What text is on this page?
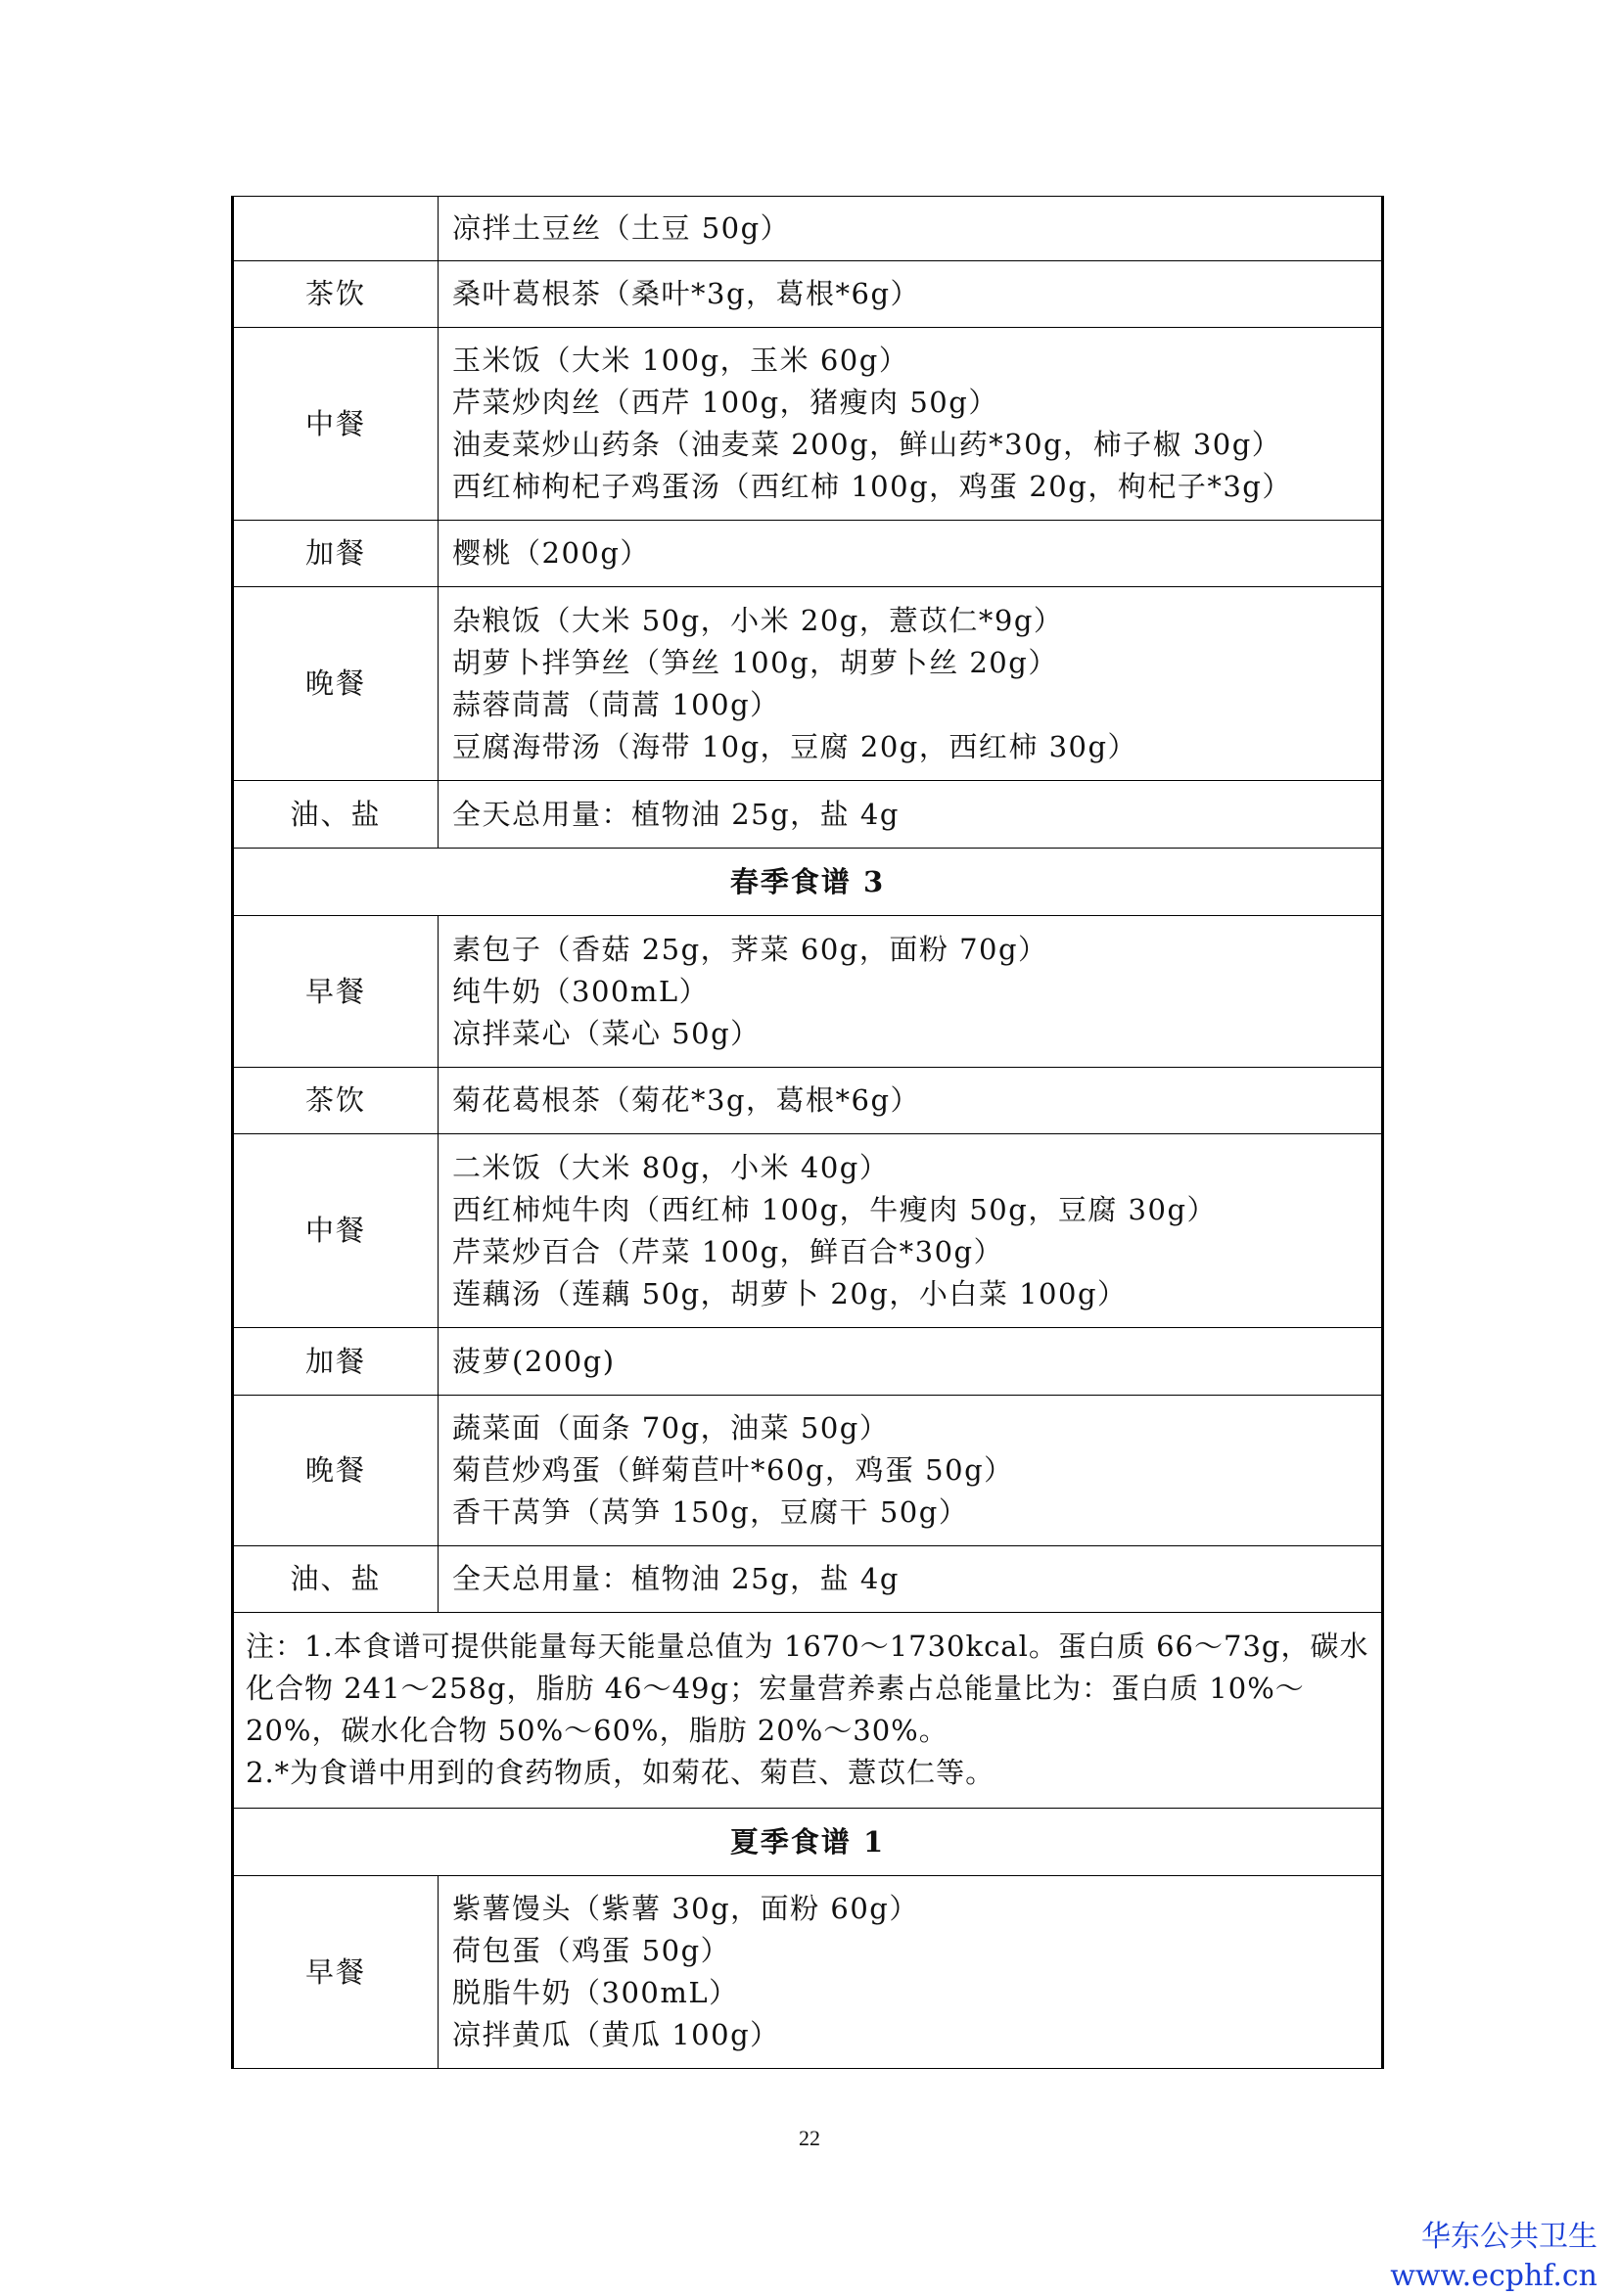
	凉拌土豆丝（土豆 50g）

茶饮	桑叶葛根茶（桑叶*3g，葛根*6g）

中餐	玉米饭（大米 100g，玉米 60g）
芹菜炒肉丝（西芹 100g，猪瘦肉 50g）
油麦菜炒山药条（油麦菜 200g，鲜山药*30g，柿子椒 30g）
西红柿枸杞子鸡蛋汤（西红柿 100g，鸡蛋 20g，枸杞子*3g）

加餐	樱桃（200g）

晚餐	杂粮饭（大米 50g，小米 20g，薏苡仁*9g）
胡萝卜拌笋丝（笋丝 100g，胡萝卜丝 20g）
蒜蓉茼蒿（茼蒿 100g）
豆腐海带汤（海带 10g，豆腐 20g，西红柿 30g）

油、盐	全天总用量：植物油 25g，盐 4g

春季食谱 3	
早餐	素包子（香菇 25g，荠菜 60g，面粉 70g）
纯牛奶（300mL）
凉拌菜心（菜心 50g）

茶饮	菊花葛根茶（菊花*3g，葛根*6g）

中餐	二米饭（大米 80g，小米 40g）
西红柿炖牛肉（西红柿 100g，牛瘦肉 50g，豆腐 30g）
芹菜炒百合（芹菜 100g，鲜百合*30g）
莲藕汤（莲藕 50g，胡萝卜 20g，小白菜 100g）

加餐	菠萝(200g)

晚餐	蔬菜面（面条 70g，油菜 50g）
菊苣炒鸡蛋（鲜菊苣叶*60g，鸡蛋 50g）
香干莴笋（莴笋 150g，豆腐干 50g）

油、盐	全天总用量：植物油 25g，盐 4g

注：1.本食谱可提供能量每天能量总值为 1670～1730kcal。蛋白质 66～73g，碳水化合物 241～258g，脂肪 46～49g；宏量营养素占总能量比为：蛋白质 10%～20%，碳水化合物 50%～60%，脂肪 20%～30%。
2.*为食谱中用到的食药物质，如菊花、菊苣、薏苡仁等。	

夏季食谱 1	
早餐	紫薯馒头（紫薯 30g，面粉 60g）
荷包蛋（鸡蛋 50g）
脱脂牛奶（300mL）
凉拌黄瓜（黄瓜 100g）
22
华东公共卫生
www.ecphf.cn
